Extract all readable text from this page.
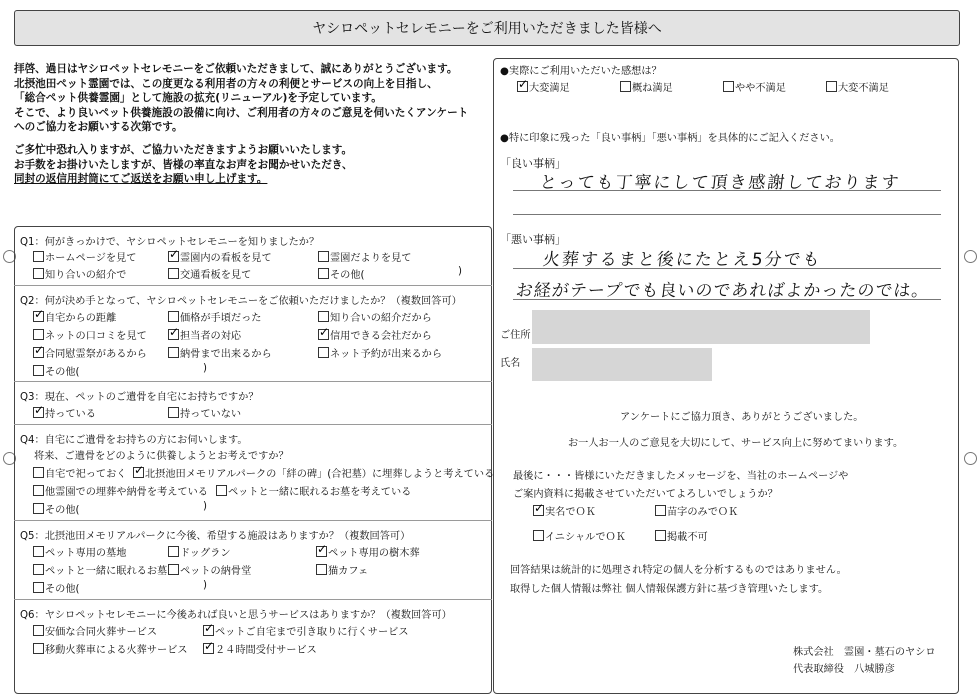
ヤシロペットセレモニーをご利用いただきました皆様へ
拝啓、過日はヤシロペットセレモニーをご依頼いただきまして、誠にありがとうございます。
北摂池田ペット霊園では、この度更なる利用者の方々の利便とサービスの向上を目指し、
「総合ペット供養霊園」として施設の拡充(リニューアル)を予定しています。
そこで、より良いペット供養施設の設備に向け、ご利用者の方々のご意見を伺いたくアンケート
へのご協力をお願いする次第です。
ご多忙中恐れ入りますが、ご協力いただきますようお願いいたします。
お手数をお掛けいたしますが、皆様の率直なお声をお聞かせいただき、
同封の返信用封筒にてご返送をお願い申し上げます。
Q1：何がきっかけで、ヤシロペットセレモニーを知りましたか？
ホームページを見て ✓	霊園内の看板を見て	霊園だよりを見て
知り合いの紹介で	交通看板を見て	その他(	)
Q2：何が決め手となって、ヤシロペットセレモニーをご依頼いただけましたか？（複数回答可）
✓自宅からの距離	価格が手頃だった	知り合いの紹介だから
ネットの口コミを見て ✓	担当者の対応 ✓	信用できる会社だから
✓合同慰霊祭があるから	納骨まで出来るから	ネット予約が出来るから
その他(	)
Q3：現在、ペットのご遺骨を自宅にお持ちですか？
✓持っている	持っていない
Q4：自宅にご遺骨をお持ちの方にお伺いします。
将来、ご遺骨をどのように供養しようとお考えですか？
自宅で祀っておく ✓	北摂池田メモリアルパークの「絆の碑」(合祀墓）に埋葬しようと考えている
他霊園での埋葬や納骨を考えている	ペットと一緒に眠れるお墓を考えている
その他(	)
Q5：北摂池田メモリアルパークに今後、希望する施設はありますか？（複数回答可）
ペット専用の墓地	ドッグラン ✓	ペット専用の樹木葬
ペットと一緒に眠れるお墓	ペットの納骨堂	猫カフェ
その他(	)
Q6：ヤシロペットセレモニーに今後あれば良いと思うサービスはありますか？（複数回答可）
安価な合同火葬サービス ✓	ペットご自宅まで引き取りに行くサービス
移動火葬車による火葬サービス ✓	２４時間受付サービス
●実際にご利用いただいた感想は？
✓大変満足	概ね満足	やや不満足	大変不満足
●特に印象に残った「良い事柄」「悪い事柄」を具体的にご記入ください。
「良い事柄」
とっても丁寧にして頂き感謝しております
「悪い事柄」
火葬するまと後にたとえ5分でも
お経がテープでも良いのであればよかったのでは。
ご住所
氏名
アンケートにご協力頂き、ありがとうございました。
お一人お一人のご意見を大切にして、サービス向上に努めてまいります。
最後に・・・皆様にいただきましたメッセージを、当社のホームページや
ご案内資料に掲載させていただいてよろしいでしょうか？
✓実名でＯＫ	苗字のみでＯＫ
イニシャルでＯＫ	掲載不可
回答結果は統計的に処理され特定の個人を分析するものではありません。
取得した個人情報は弊社 個人情報保護方針に基づき管理いたします。
株式会社　霊園・墓石のヤシロ
代表取締役　八城勝彦
